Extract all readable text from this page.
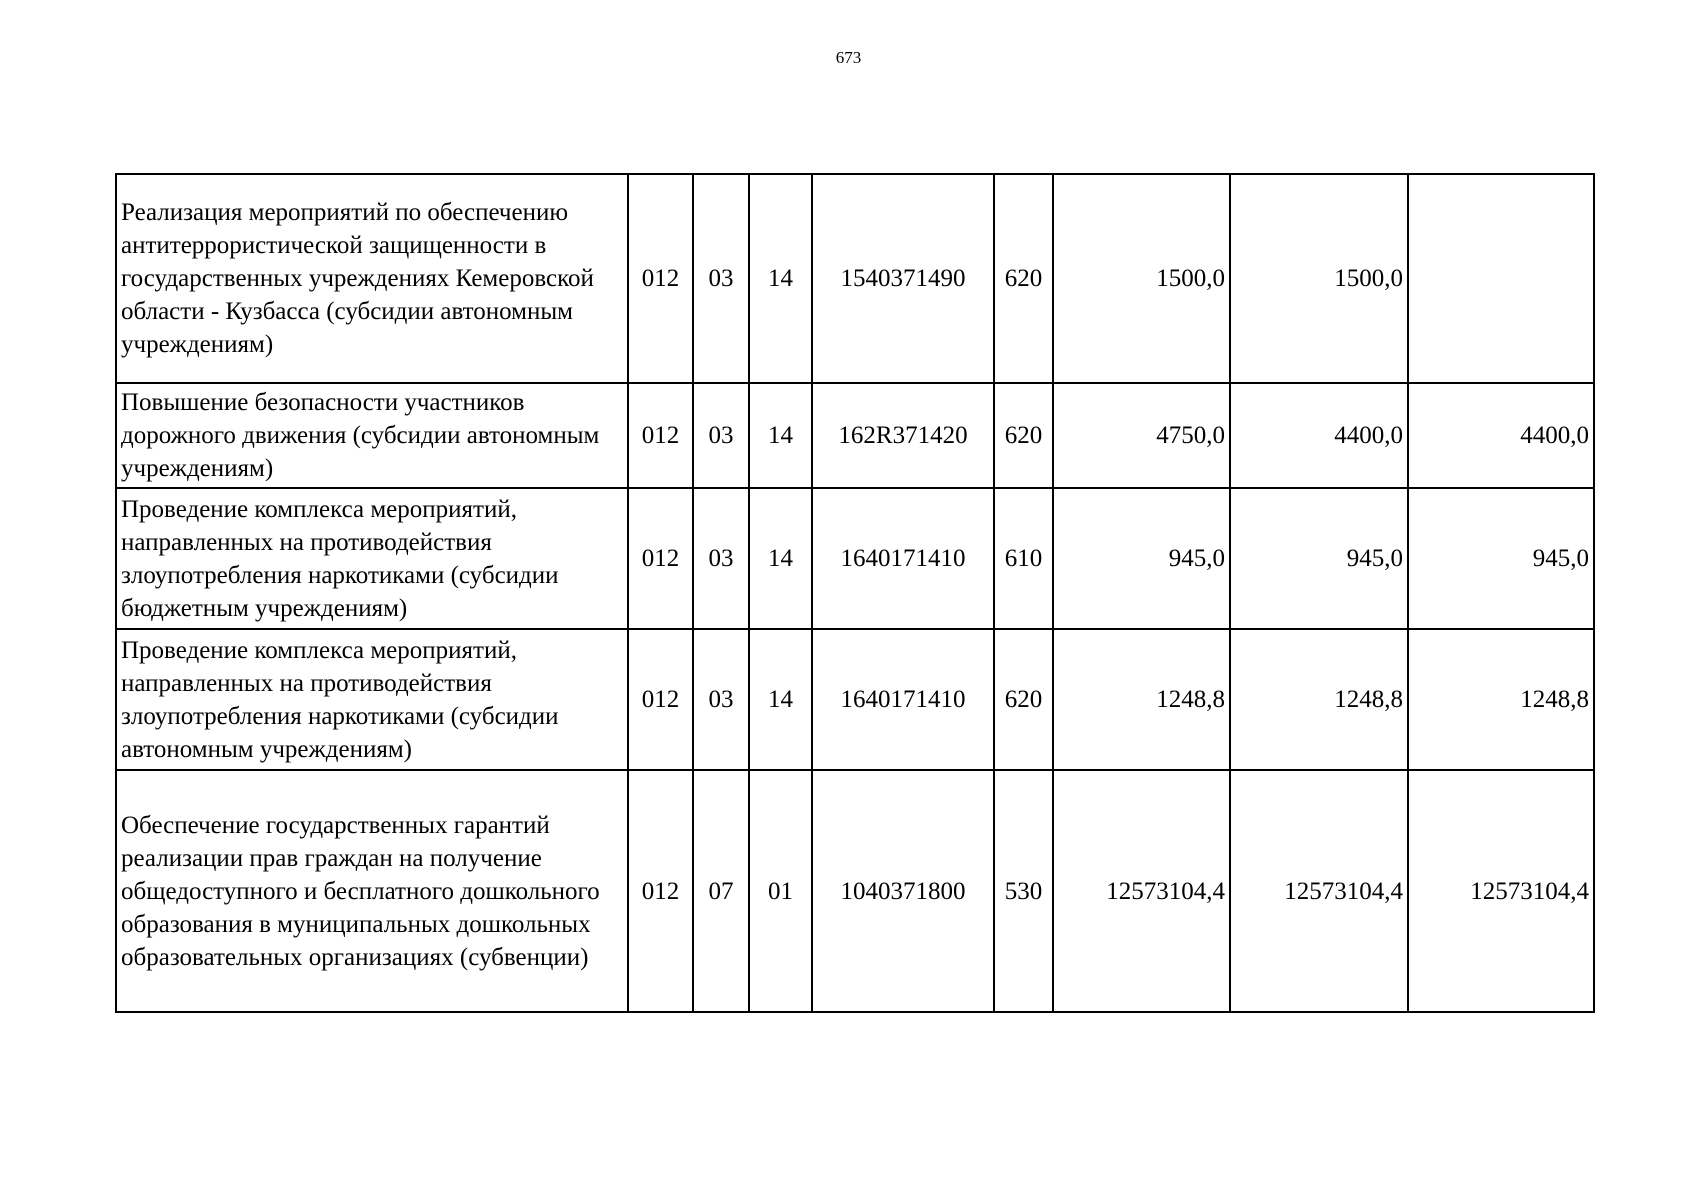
673
Реализация мероприятий по обеспечению антитеррористической защищенности в государственных учреждениях Кемеровской области - Кузбасса (субсидии автономным учреждениям)	012	03	14	1540371490	620	1500,0	1500,0	
Повышение безопасности участников дорожного движения (субсидии автономным учреждениям)	012	03	14	162R371420	620	4750,0	4400,0	4400,0
Проведение комплекса мероприятий, направленных на противодействия злоупотребления наркотиками (субсидии бюджетным учреждениям)	012	03	14	1640171410	610	945,0	945,0	945,0
Проведение комплекса мероприятий, направленных на противодействия злоупотребления наркотиками (субсидии автономным учреждениям)	012	03	14	1640171410	620	1248,8	1248,8	1248,8
Обеспечение государственных гарантий реализации прав граждан на получение общедоступного и бесплатного дошкольного образования в муниципальных дошкольных образовательных организациях (субвенции)	012	07	01	1040371800	530	12573104,4	12573104,4	12573104,4
